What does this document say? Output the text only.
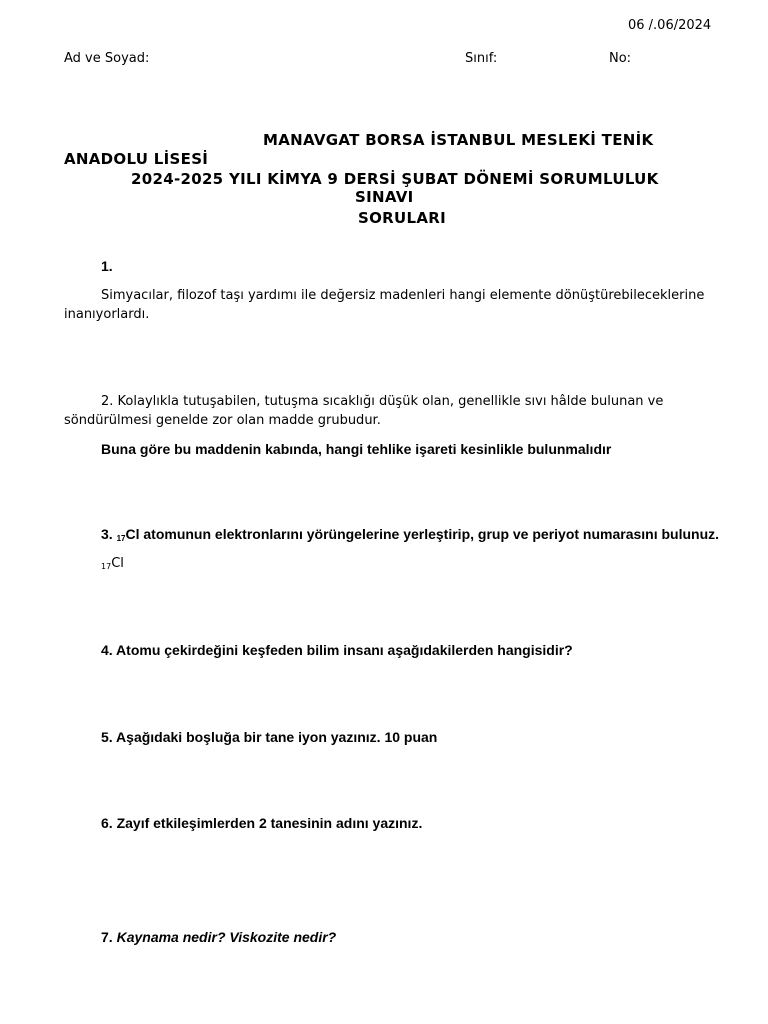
06 /.06/2024
Ad ve Soyad:	Sınıf:	No:
MANAVGAT BORSA İSTANBUL MESLEKİ TENİK
ANADOLU LİSESİ
2024-2025 YILI KİMYA 9 DERSİ ŞUBAT DÖNEMİ SORUMLULUK
SINAVI
SORULARI
1.
Simyacılar, filozof taşı yardımı ile değersiz madenleri hangi elemente dönüştürebileceklerine
inanıyorlardı.
2. Kolaylıkla tutuşabilen, tutuşma sıcaklığı düşük olan, genellikle sıvı hâlde bulunan ve
söndürülmesi genelde zor olan madde grubudur.
Buna göre bu maddenin kabında, hangi tehlike işareti kesinlikle bulunmalıdır
3. $_{17}$Cl atomunun elektronlarını yörüngelerine yerleştirip, grup ve periyot numarasını bulunuz.
$_{17}$Cl
4. Atomu çekirdeğini keşfeden bilim insanı aşağıdakilerden hangisidir?
5. Aşağıdaki boşluğa bir tane iyon yazınız. 10 puan
6. Zayıf etkileşimlerden 2 tanesinin adını yazınız.
7. Kaynama nedir? Viskozite nedir?
